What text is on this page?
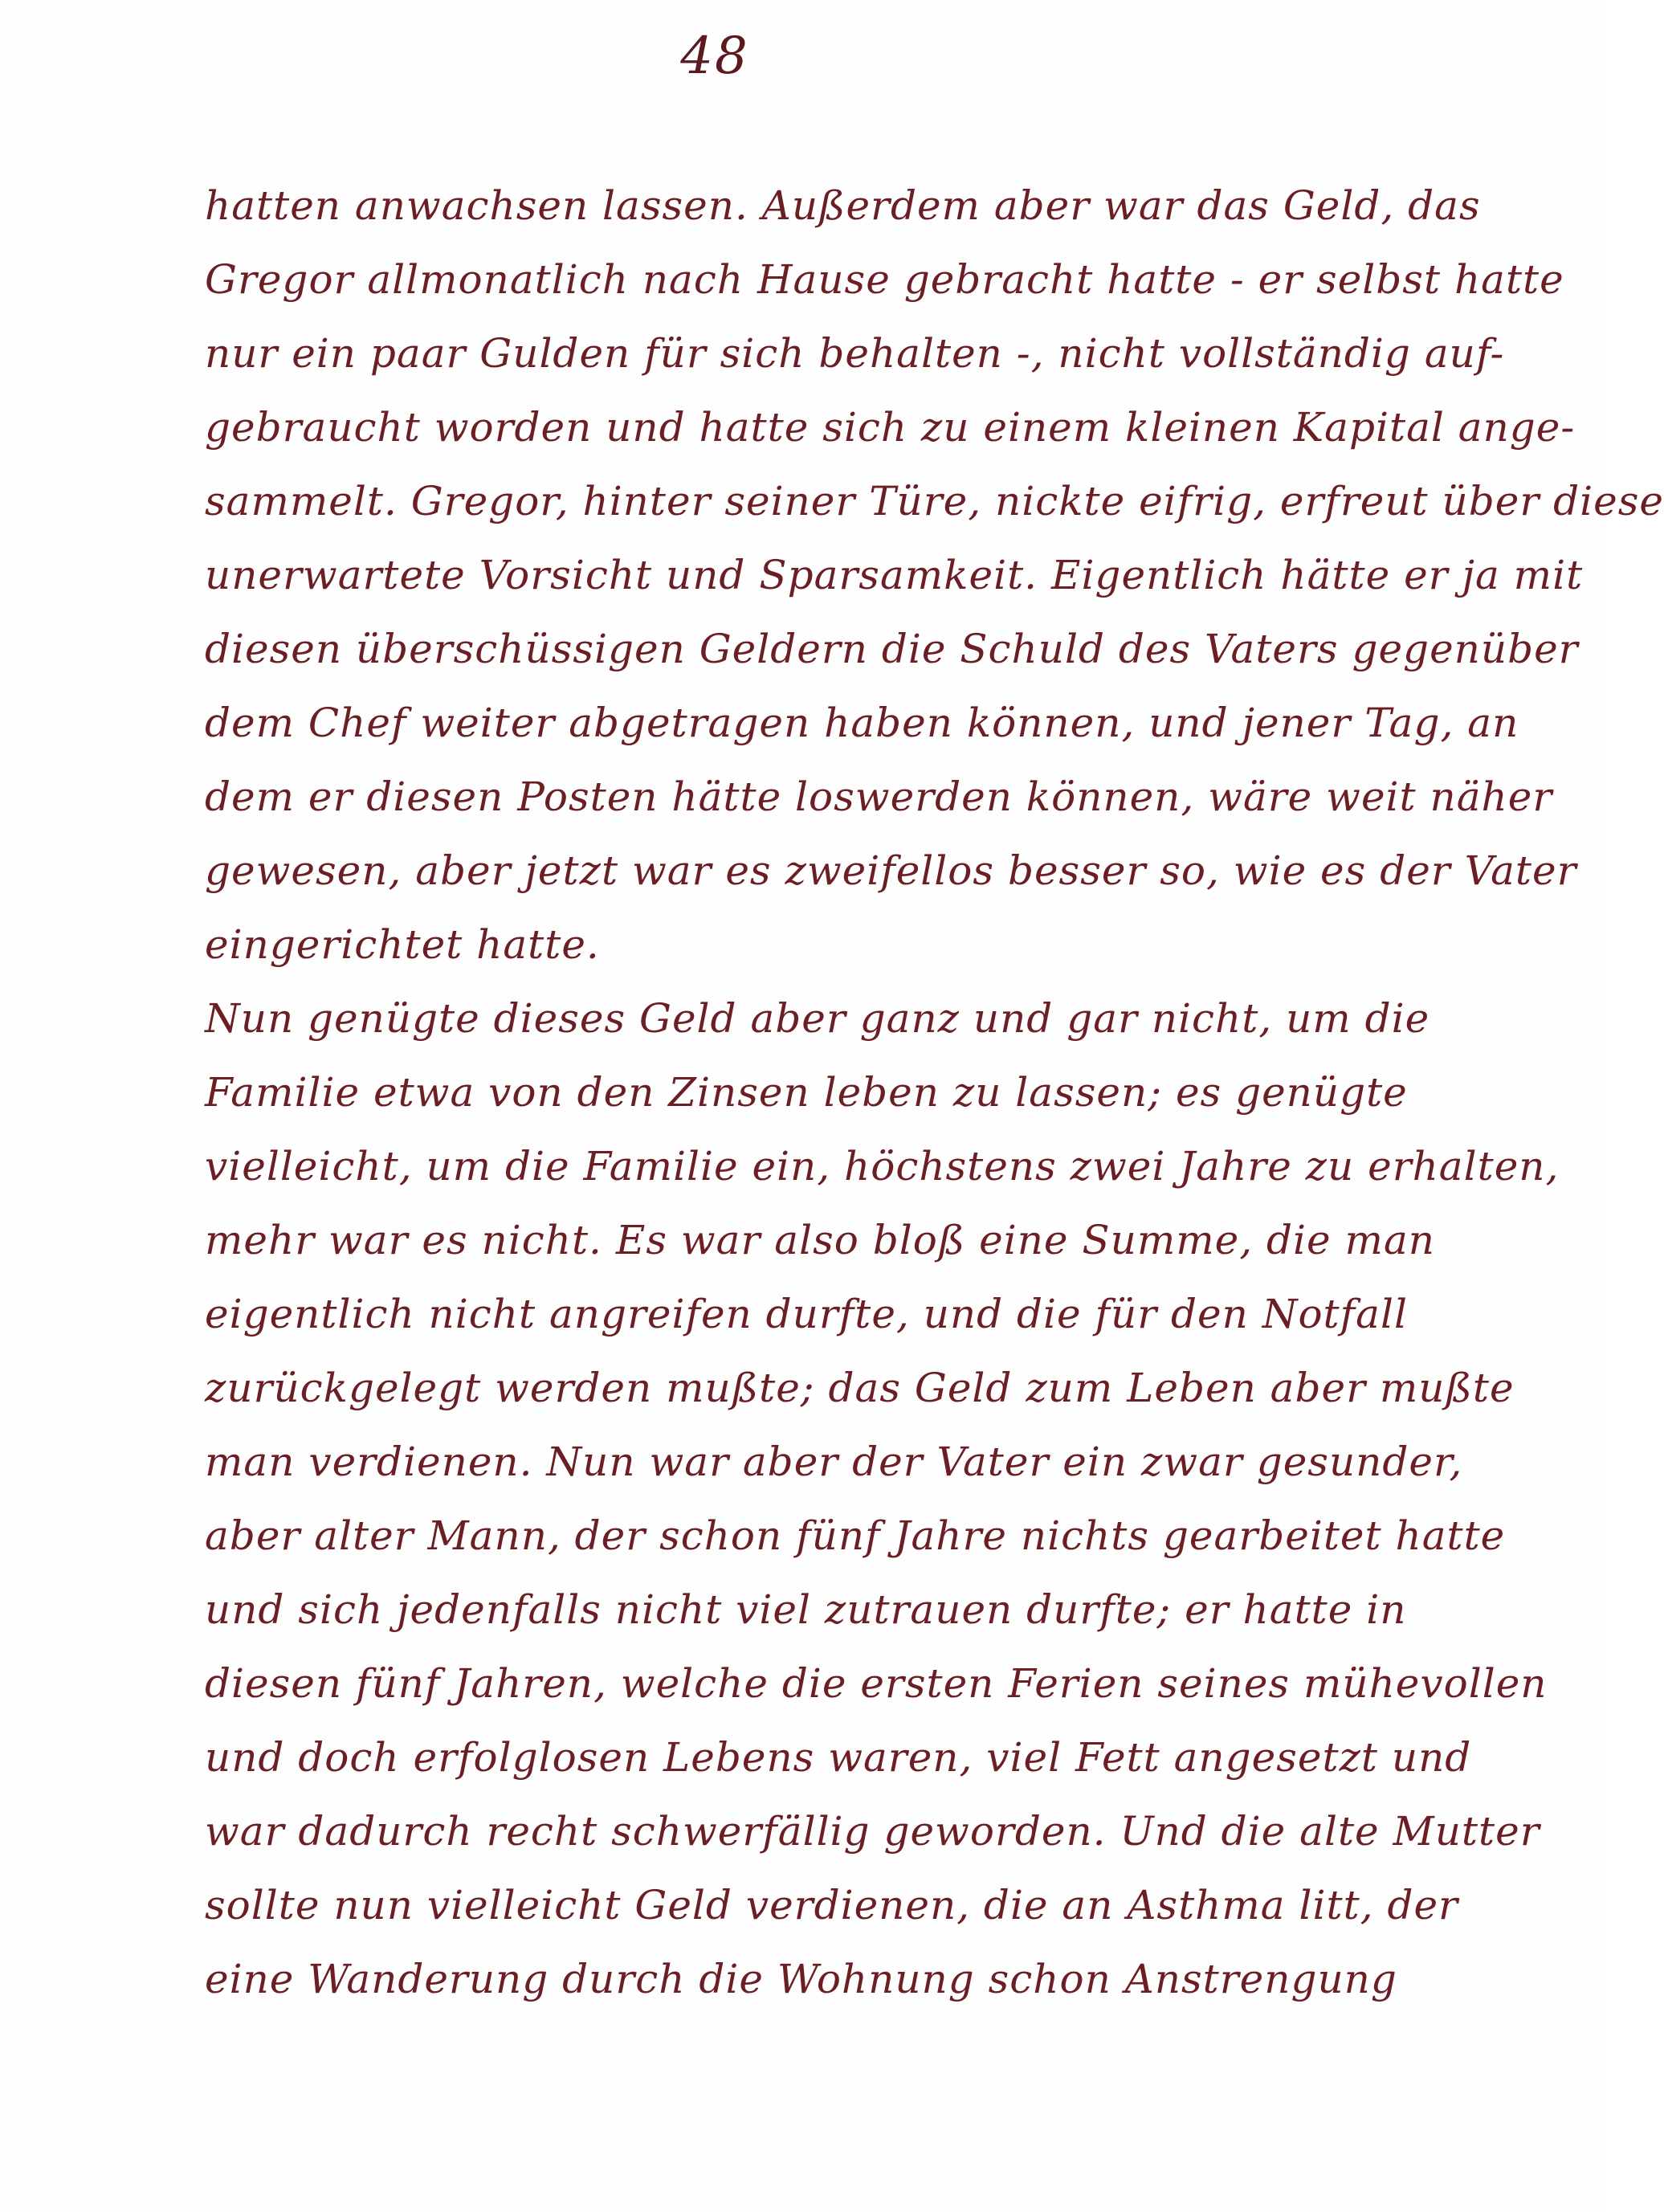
48
hatten anwachsen lassen. Außerdem aber war das Geld, das
Gregor allmonatlich nach Hause gebracht hatte - er selbst hatte
nur ein paar Gulden für sich behalten -, nicht vollständig auf-
gebraucht worden und hatte sich zu einem kleinen Kapital ange-
sammelt. Gregor, hinter seiner Türe, nickte eifrig, erfreut über diese
unerwartete Vorsicht und Sparsamkeit. Eigentlich hätte er ja mit
diesen überschüssigen Geldern die Schuld des Vaters gegenüber
dem Chef weiter abgetragen haben können, und jener Tag, an
dem er diesen Posten hätte loswerden können, wäre weit näher
gewesen, aber jetzt war es zweifellos besser so, wie es der Vater
eingerichtet hatte.
Nun genügte dieses Geld aber ganz und gar nicht, um die
Familie etwa von den Zinsen leben zu lassen; es genügte
vielleicht, um die Familie ein, höchstens zwei Jahre zu erhalten,
mehr war es nicht. Es war also bloß eine Summe, die man
eigentlich nicht angreifen durfte, und die für den Notfall
zurückgelegt werden mußte; das Geld zum Leben aber mußte
man verdienen. Nun war aber der Vater ein zwar gesunder,
aber alter Mann, der schon fünf Jahre nichts gearbeitet hatte
und sich jedenfalls nicht viel zutrauen durfte; er hatte in
diesen fünf Jahren, welche die ersten Ferien seines mühevollen
und doch erfolglosen Lebens waren, viel Fett angesetzt und
war dadurch recht schwerfällig geworden. Und die alte Mutter
sollte nun vielleicht Geld verdienen, die an Asthma litt, der
eine Wanderung durch die Wohnung schon Anstrengung
